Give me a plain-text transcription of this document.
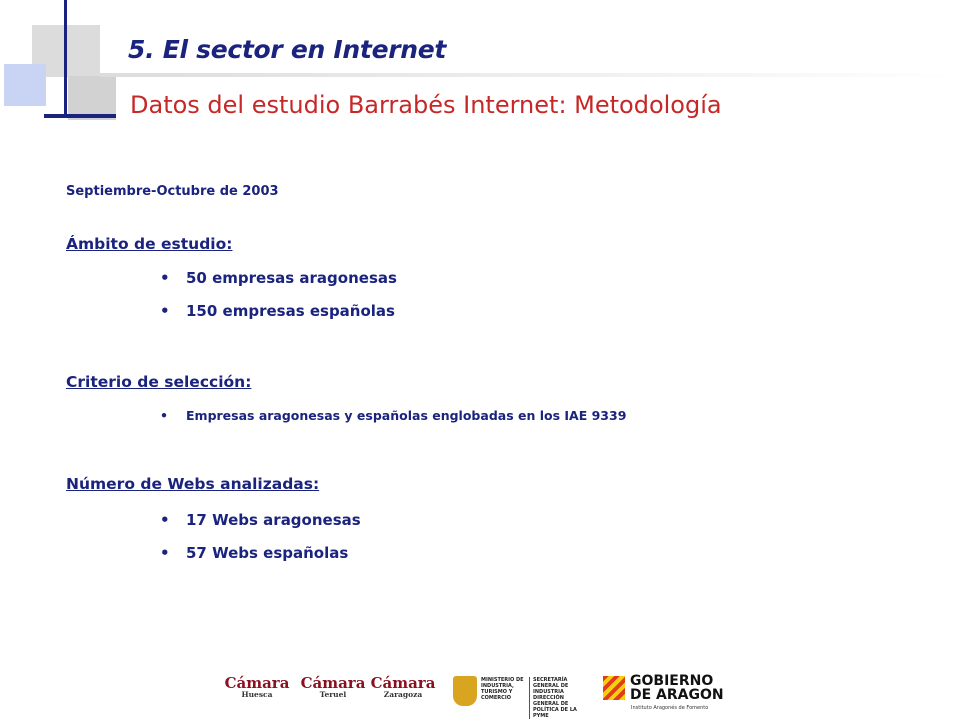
5. El sector en Internet
Datos del estudio Barrabés Internet: Metodología
Septiembre-Octubre de 2003
Ámbito de estudio:
• 50 empresas aragonesas
• 150 empresas españolas
Criterio de selección:
• Empresas aragonesas y españolas englobadas en los IAE 9339
Número de Webs analizadas:
• 17 Webs aragonesas
• 57 Webs españolas
Cámara
Huesca
Cámara
Teruel
Cámara
Zaragoza
MINISTERIO DE INDUSTRIA, TURISMO Y COMERCIO
SECRETARÍA GENERAL DE INDUSTRIA DIRECCIÓN GENERAL DE POLÍTICA DE LA PYME
GOBIERNO
DE ARAGON
Instituto Aragonés de Fomento
